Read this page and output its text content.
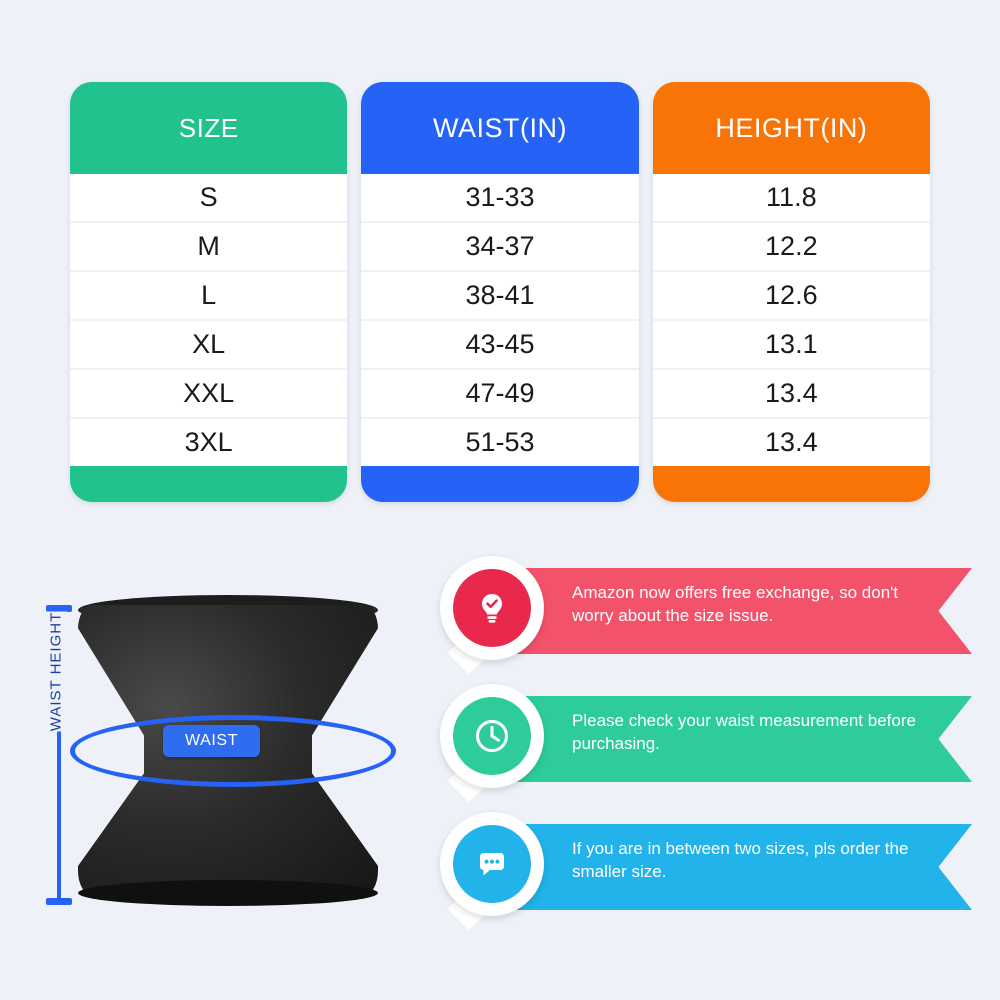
SIZE
S
M
L
XL
XXL
3XL
WAIST(IN)
31-33
34-37
38-41
43-45
47-49
51-53
HEIGHT(IN)
11.8
12.2
12.6
13.1
13.4
13.4
WAIST HEIGHT
WAIST
Amazon now offers free exchange, so don't worry about the size issue.
Please check your waist measurement before purchasing.
If you are in between two sizes, pls order the smaller size.
